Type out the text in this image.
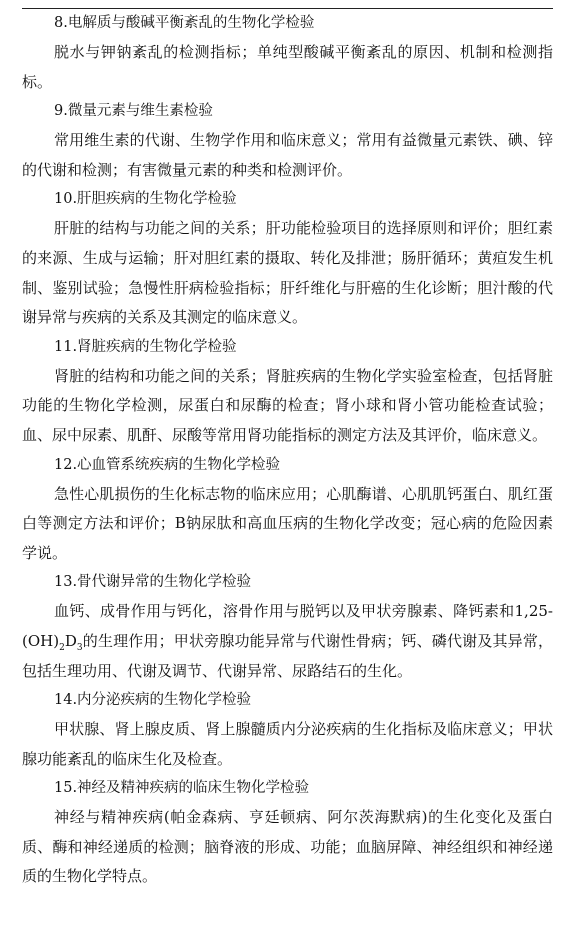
8.电解质与酸碱平衡紊乱的生物化学检验
脱水与钾钠紊乱的检测指标；单纯型酸碱平衡紊乱的原因、机制和检测指标。
9.微量元素与维生素检验
常用维生素的代谢、生物学作用和临床意义；常用有益微量元素铁、碘、锌的代谢和检测；有害微量元素的种类和检测评价。
10.肝胆疾病的生物化学检验
肝脏的结构与功能之间的关系；肝功能检验项目的选择原则和评价；胆红素的来源、生成与运输；肝对胆红素的摄取、转化及排泄；肠肝循环；黄疸发生机制、鉴别试验；急慢性肝病检验指标；肝纤维化与肝癌的生化诊断；胆汁酸的代谢异常与疾病的关系及其测定的临床意义。
11.肾脏疾病的生物化学检验
肾脏的结构和功能之间的关系；肾脏疾病的生物化学实验室检查，包括肾脏功能的生物化学检测，尿蛋白和尿酶的检查；肾小球和肾小管功能检查试验；血、尿中尿素、肌酐、尿酸等常用肾功能指标的测定方法及其评价，临床意义。
12.心血管系统疾病的生物化学检验
急性心肌损伤的生化标志物的临床应用；心肌酶谱、心肌肌钙蛋白、肌红蛋白等测定方法和评价；B钠尿肽和高血压病的生物化学改变；冠心病的危险因素学说。
13.骨代谢异常的生物化学检验
血钙、成骨作用与钙化，溶骨作用与脱钙以及甲状旁腺素、降钙素和$1,25-(OH)_2D_3$的生理作用；甲状旁腺功能异常与代谢性骨病；钙、磷代谢及其异常，包括生理功用、代谢及调节、代谢异常、尿路结石的生化。
14.内分泌疾病的生物化学检验
甲状腺、肾上腺皮质、肾上腺髓质内分泌疾病的生化指标及临床意义；甲状腺功能紊乱的临床生化及检查。
15.神经及精神疾病的临床生物化学检验
神经与精神疾病(帕金森病、亨廷顿病、阿尔茨海默病)的生化变化及蛋白质、酶和神经递质的检测；脑脊液的形成、功能；血脑屏障、神经组织和神经递质的生物化学特点。
